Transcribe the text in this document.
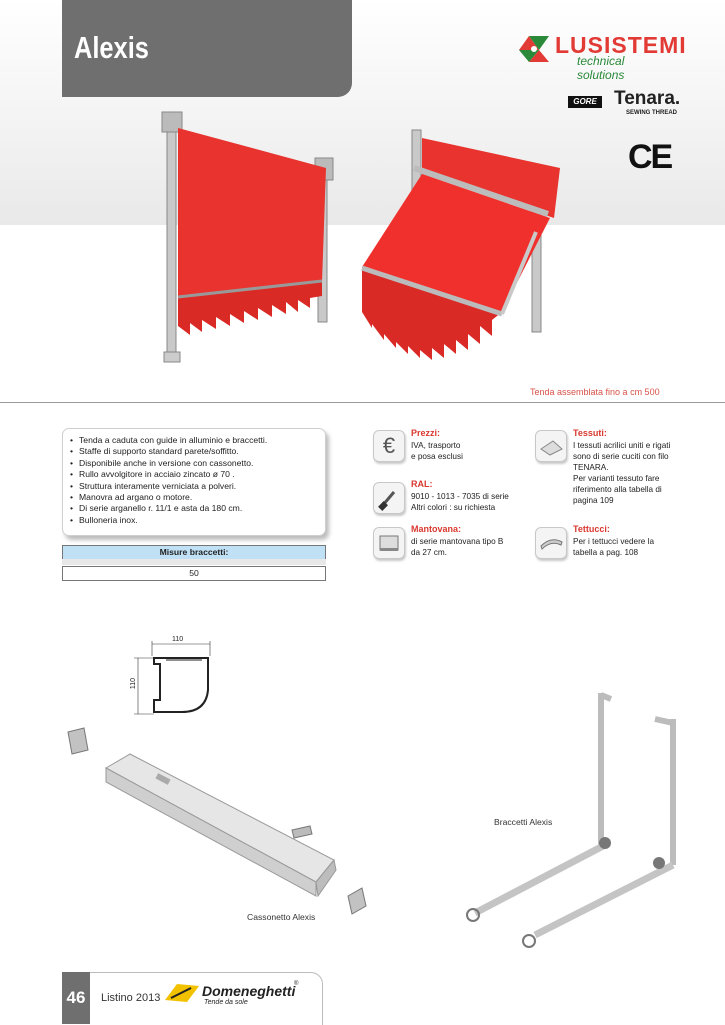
Alexis	LUSISTEMI
technical solutions
GORE Tenara.
SEWING THREAD
CE
Tenda assemblata fino a cm 500
• Tenda a caduta con guide in alluminio e braccetti.
• Staffe di supporto standard parete/soffitto.
• Disponibile anche in versione con cassonetto.
• Rullo avvolgitore in acciaio zincato ø 70 .
• Struttura interamente verniciata a polveri.
• Manovra ad argano o motore.
• Di serie arganello r. 11/1 e asta da 180 cm.
• Bulloneria inox.
Misure braccetti:
50
€	Prezzi:
IVA, trasporto
e posa esclusi
RAL:
9010 - 1013 - 7035 di serie
Altri colori : su richiesta
Mantovana:
di serie mantovana tipo B
da 27 cm.
Tessuti:
I tessuti acrilici uniti e rigati
sono di serie cuciti con filo
TENARA.
Per varianti tessuto fare
riferimento alla tabella di
pagina 109
Tettucci:
Per i tettucci vedere la
tabella a pag. 108
110
110
Cassonetto Alexis
Braccetti Alexis
46	Listino 2013	Domeneghetti
®
Tende da sole
